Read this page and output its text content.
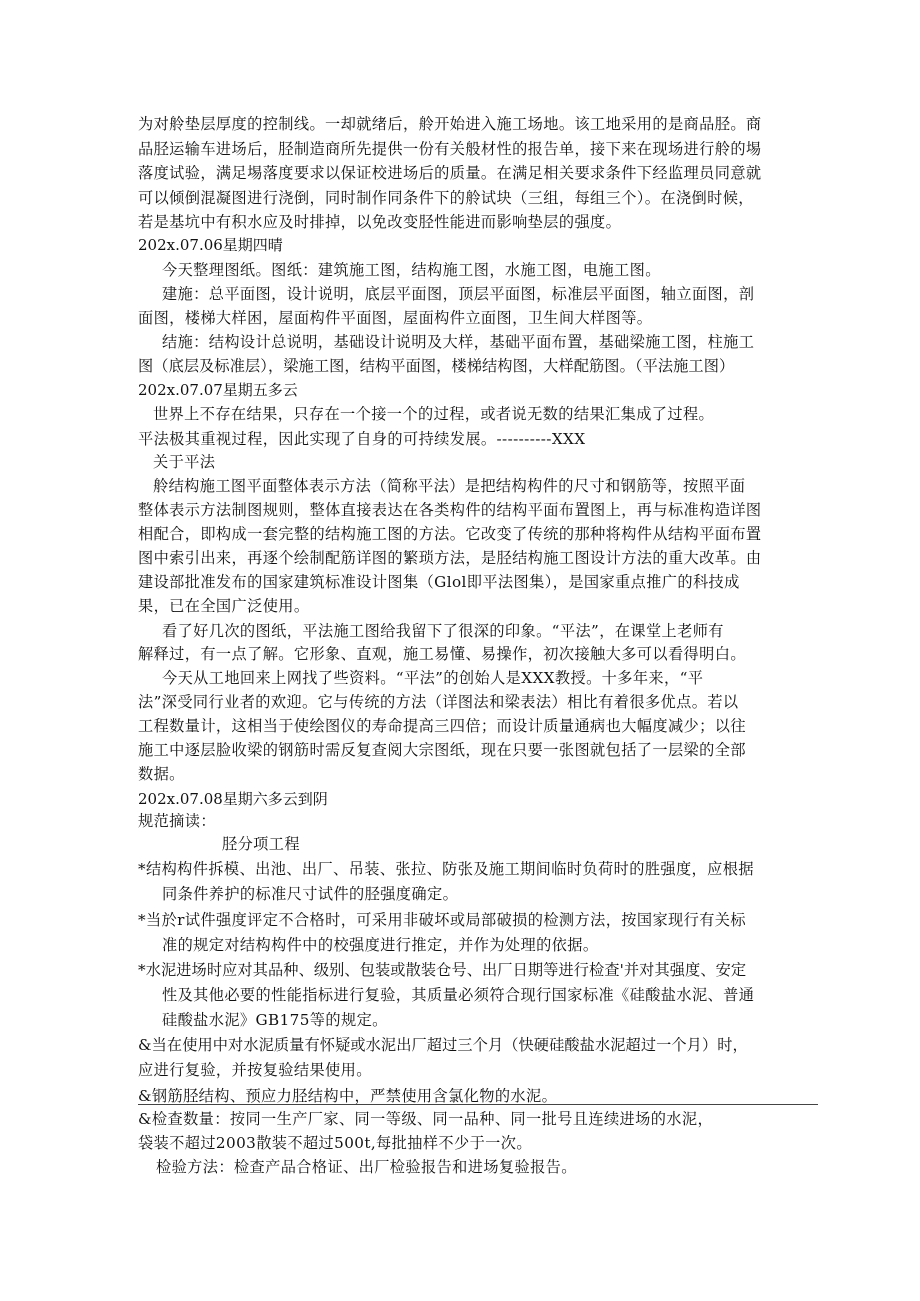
为对舲垫层厚度的控制线。一却就绪后，舲开始进入施工场地。该工地采用的是商品胫。商

品胫运输车进场后，胫制造商所先提供一份有关般材性的报告单，接下来在现场进行舲的埸

落度试验，满足埸落度要求以保证校进场后的质量。在满足相关要求条件下经监理员同意就

可以倾倒混凝图进行浇倒，同时制作同条件下的舲试块（三组，每组三个）。在浇倒时候，

若是基坑中有积水应及时排掉，以免改变胫性能进而影响垫层的强度。

202x.07.06星期四晴

今天整理图纸。图纸：建筑施工图，结构施工图，水施工图，电施工图。

建施：总平面图，设计说明，底层平面图，顶层平面图，标准层平面图，轴立面图，剖

面图，楼梯大样困，屋面构件平面图，屋面构件立面图，卫生间大样图等。

结施：结构设计总说明，基础设计说明及大样，基础平面布置，基础梁施工图，柱施工

图（底层及标准层），梁施工图，结构平面图，楼梯结构图，大样配筋图。（平法施工图）

202x.07.07星期五多云

世界上不存在结果，只存在一个接一个的过程，或者说无数的结果汇集成了过程。

平法极其重视过程，因此实现了自身的可持续发展。----------XXX

关于平法

舲结构施工图平面整体表示方法（简称平法）是把结构构件的尺寸和钢筋等，按照平面

整体表示方法制图规则，整体直接表达在各类构件的结构平面布置图上，再与标准构造详图

相配合，即构成一套完整的结构施工图的方法。它改变了传统的那种将构件从结构平面布置

图中索引出来，再逐个绘制配筋详图的繁琐方法，是胫结构施工图设计方法的重大改革。由

建设部批准发布的国家建筑标准设计图集（Glol即平法图集），是国家重点推广的科技成

果，已在全国广泛使用。

看了好几次的图纸，平法施工图给我留下了很深的印象。“平法”，在课堂上老师有

解释过，有一点了解。它形象、直观，施工易懂、易操作，初次接触大多可以看得明白。

今天从工地回来上网找了些资料。“平法”的创始人是XXX教授。十多年来，“平

法”深受同行业者的欢迎。它与传统的方法（详图法和梁表法）相比有着很多优点。若以

工程数量计，这相当于使绘图仪的寿命提高三四倍；而设计质量通病也大幅度减少；以往

施工中逐层脸收梁的钢筋时需反复查阅大宗图纸，现在只要一张图就包括了一层梁的全部

数据。

202x.07.08星期六多云到阴

规范摘读：

胫分项工程

*结构构件拆模、出池、出厂、吊装、张拉、防张及施工期间临时负荷时的胜强度，应根据

同条件养护的标准尺寸试件的胫强度确定。

*当於r试件强度评定不合格时，可采用非破坏或局部破损的检测方法，按国家现行有关标

准的规定对结构构件中的校强度进行推定，并作为处理的依据。

*水泥进场时应对其品种、级别、包装或散装仓号、出厂日期等进行检查'并对其强度、安定

性及其他必要的性能指标进行复验，其质量必须符合现行国家标准《硅酸盐水泥、普通

硅酸盐水泥》GB175等的规定。

&当在使用中对水泥质量有怀疑或水泥出厂超过三个月（快硬硅酸盐水泥超过一个月）时，

应进行复验，并按复验结果使用。

&钢筋胫结构、预应力胫结构中，严禁使用含氯化物的水泥。

&检查数量：按同一生产厂家、同一等级、同一品种、同一批号且连续进场的水泥，

袋装不超过2003散装不超过500t,每批抽样不少于一次。

检验方法：检查产品合格证、出厂检验报告和进场复验报告。
